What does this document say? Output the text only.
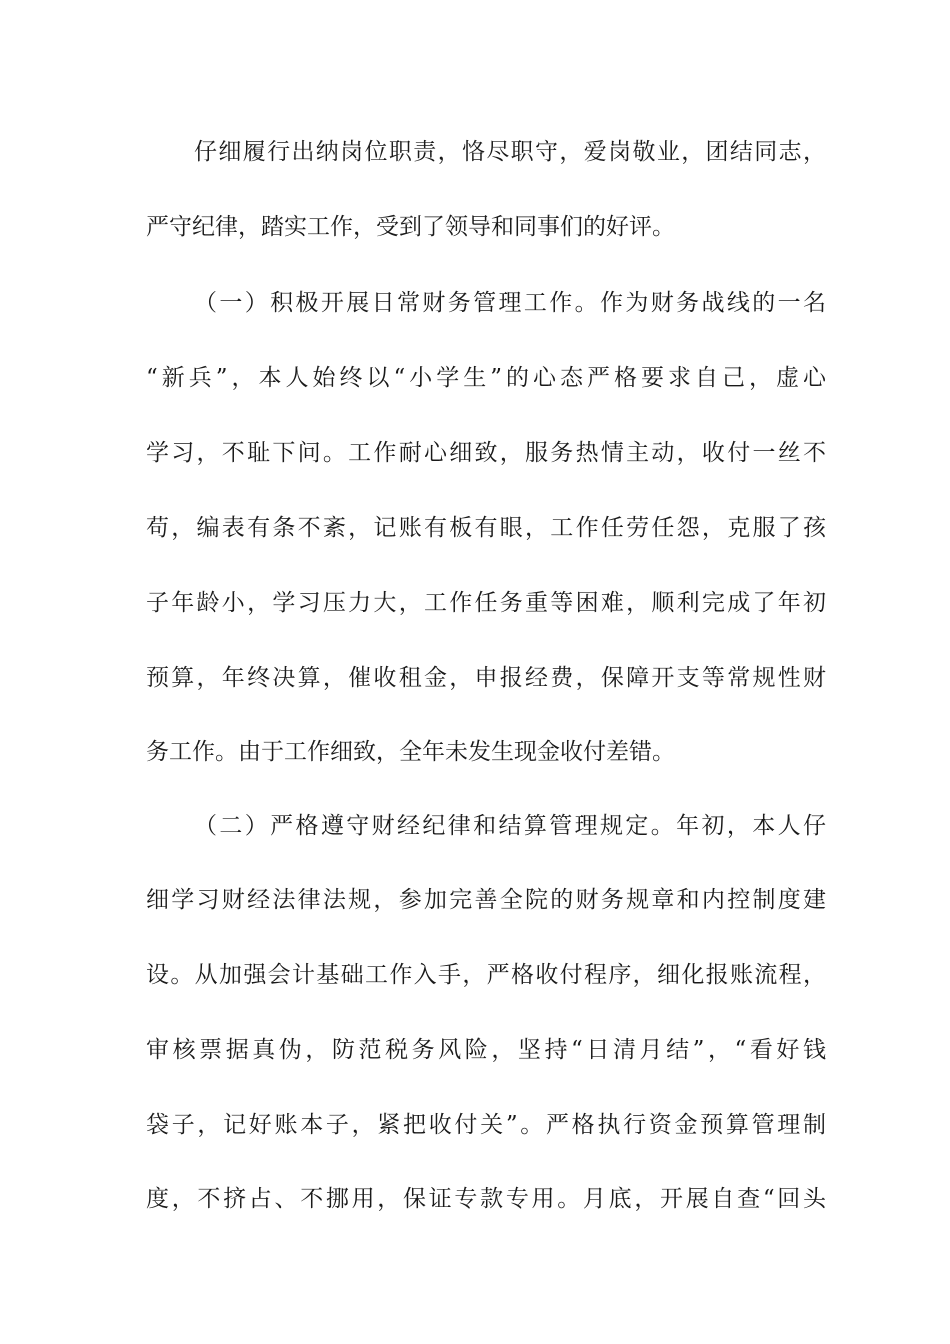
仔细履行出纳岗位职责，恪尽职守，爱岗敬业，团结同志，
严守纪律，踏实工作，受到了领导和同事们的好评。
（一）积极开展日常财务管理工作。作为财务战线的一名
“新兵”，本人始终以“小学生”的心态严格要求自己，虚心
学习，不耻下问。工作耐心细致，服务热情主动，收付一丝不
苟，编表有条不紊，记账有板有眼，工作任劳任怨，克服了孩
子年龄小，学习压力大，工作任务重等困难，顺利完成了年初
预算，年终决算，催收租金，申报经费，保障开支等常规性财
务工作。由于工作细致，全年未发生现金收付差错。
（二）严格遵守财经纪律和结算管理规定。年初，本人仔
细学习财经法律法规，参加完善全院的财务规章和内控制度建
设。从加强会计基础工作入手，严格收付程序，细化报账流程，
审核票据真伪，防范税务风险，坚持“日清月结”，“看好钱
袋子，记好账本子，紧把收付关”。严格执行资金预算管理制
度，不挤占、不挪用，保证专款专用。月底，开展自查“回头
